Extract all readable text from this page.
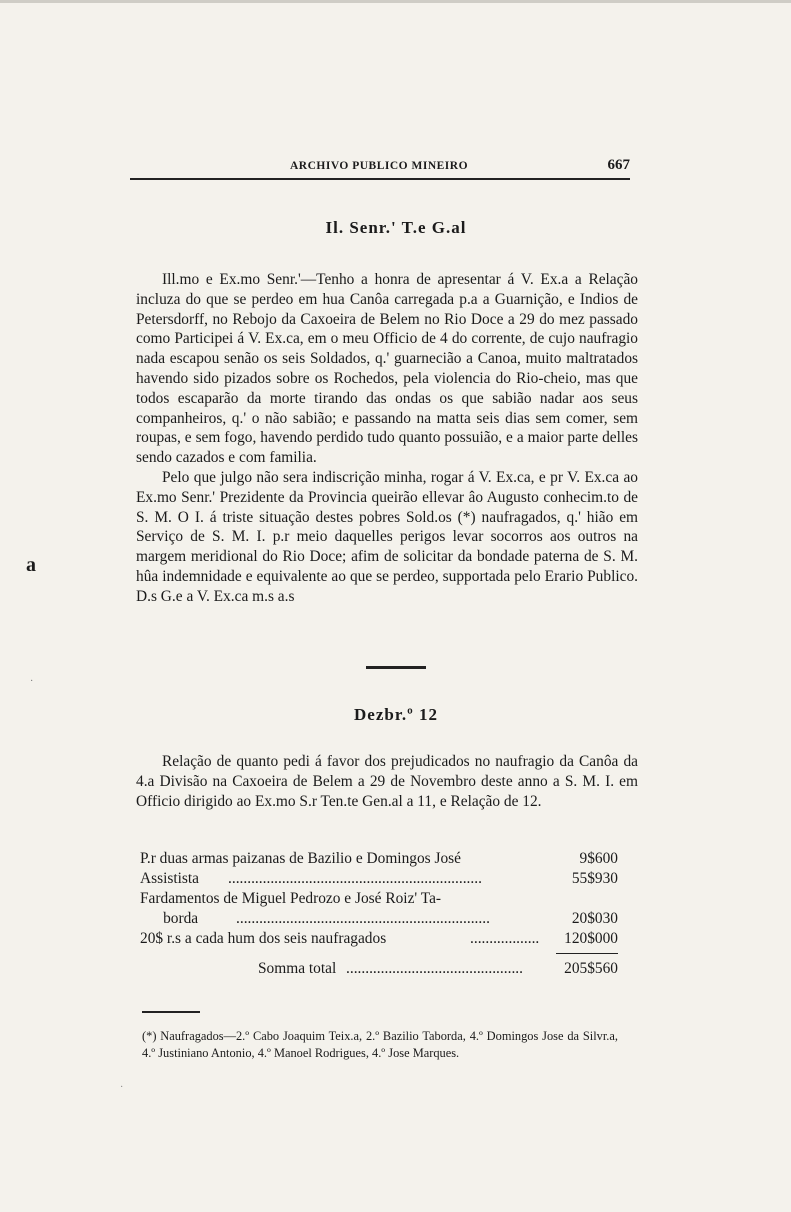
ARCHIVO PUBLICO MINEIRO	667
Il. Senr.' T.e G.al

Ill.mo e Ex.mo Senr.'—Tenho a honra de apresentar á V. Ex.a a Relação incluza do que se perdeo em hua Canôa carregada p.a a Guarnição, e Indios de Petersdorff, no Rebojo da Caxoeira de Belem no Rio Doce a 29 do mez passado como Participei á V. Ex.ca, em o meu Officio de 4 do corrente, de cujo naufragio nada escapou senão os seis Soldados, q.' guarnecião a Canoa, muito maltratados havendo sido pizados sobre os Rochedos, pela violencia do Rio-cheio, mas que todos escaparão da morte tirando das ondas os que sabião nadar aos seus companheiros, q.' o não sabião; e passando na matta seis dias sem comer, sem roupas, e sem fogo, havendo perdido tudo quanto possuião, e a maior parte delles sendo cazados e com familia.

Pelo que julgo não sera indiscrição minha, rogar á V. Ex.ca, e pr V. Ex.ca ao Ex.mo Senr.' Prezidente da Provincia queirão ellevar âo Augusto conhecim.to de S. M. O I. á triste situação destes pobres Sold.os (*) naufragados, q.' hião em Serviço de S. M. I. p.r meio daquelles perigos levar socorros aos outros na margem meridional do Rio Doce; afim de solicitar da bondade paterna de S. M. hûa indemnidade e equivalente ao que se perdeo, supportada pelo Erario Publico. D.s G.e a V. Ex.ca m.s a.s

a
·
Dezbr.º 12

Relação de quanto pedi á favor dos prejudicados no naufragio da Canôa da 4.a Divisão na Caxoeira de Belem a 29 de Novembro deste anno a S. M. I. em Officio dirigido ao Ex.mo S.r Ten.te Gen.al a 11, e Relação de 12.

P.r duas armas paizanas de Bazilio e Domingos José	9$600
Assistista ..................................................................	55$930
Fardamentos de Miguel Pedrozo e José Roiz' Ta-
borda ..................................................................	20$030
20$ r.s a cada hum dos seis naufragados	.................. 120$000
Somma total ..............................................	205$560
(*) Naufragados—2.º Cabo Joaquim Teix.a, 2.º Bazilio Taborda, 4.º Domingos Jose da Silvr.a, 4.º Justiniano Antonio, 4.º Manoel Rodrigues, 4.º Jose Marques.
·
